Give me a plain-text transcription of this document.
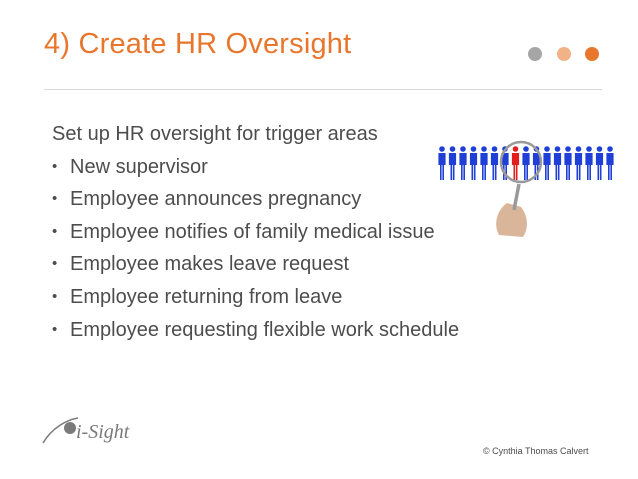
4) Create HR Oversight

Set up HR oversight for trigger areas

• New supervisor
• Employee announces pregnancy
• Employee notifies of family medical issue
• Employee makes leave request
• Employee returning from leave
• Employee requesting flexible work schedule
i-Sight
© Cynthia Thomas Calvert
